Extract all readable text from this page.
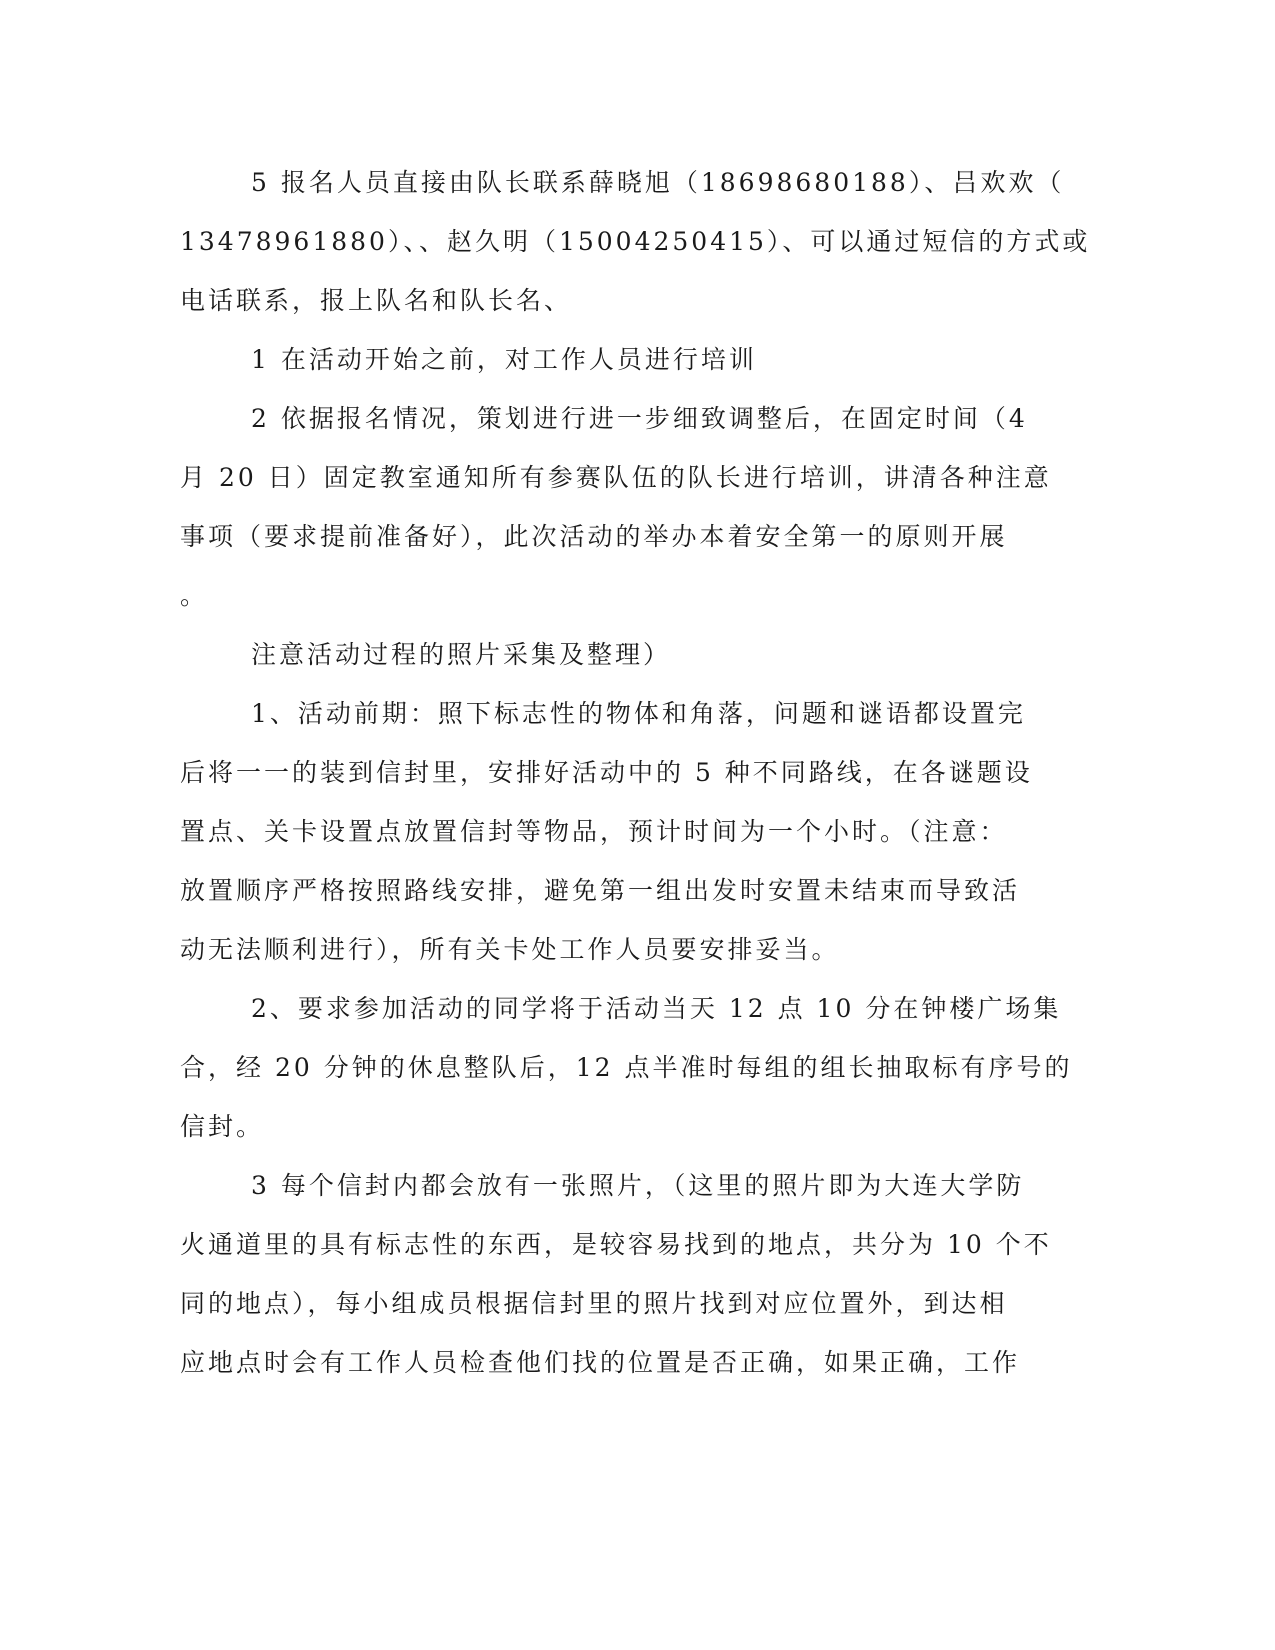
5 报名人员直接由队长联系薛晓旭（18698680188）、吕欢欢（
13478961880）、、赵久明（15004250415）、可以通过短信的方式或
电话联系，报上队名和队长名、
1 在活动开始之前，对工作人员进行培训
2 依据报名情况，策划进行进一步细致调整后，在固定时间（4
月 20 日）固定教室通知所有参赛队伍的队长进行培训，讲清各种注意
事项（要求提前准备好），此次活动的举办本着安全第一的原则开展
。
注意活动过程的照片采集及整理）
1、活动前期：照下标志性的物体和角落，问题和谜语都设置完
后将一一的装到信封里，安排好活动中的 5 种不同路线，在各谜题设
置点、关卡设置点放置信封等物品，预计时间为一个小时。（注意：
放置顺序严格按照路线安排，避免第一组出发时安置未结束而导致活
动无法顺利进行），所有关卡处工作人员要安排妥当。
2、要求参加活动的同学将于活动当天 12 点 10 分在钟楼广场集
合，经 20 分钟的休息整队后，12 点半准时每组的组长抽取标有序号的
信封。
3 每个信封内都会放有一张照片，（这里的照片即为大连大学防
火通道里的具有标志性的东西，是较容易找到的地点，共分为 10 个不
同的地点），每小组成员根据信封里的照片找到对应位置外，到达相
应地点时会有工作人员检查他们找的位置是否正确，如果正确，工作
